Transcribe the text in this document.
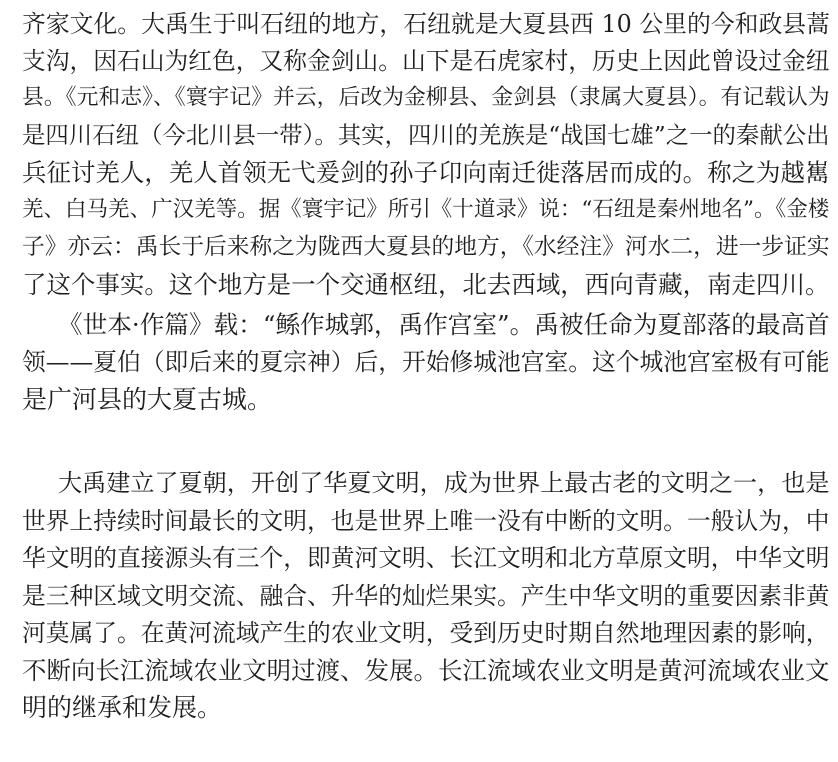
齐家文化。大禹生于叫石纽的地方，石纽就是大夏县西 10 公里的今和政县蒿
支沟，因石山为红色，又称金剑山。山下是石虎家村，历史上因此曾设过金纽
县。《元和志》、《寰宇记》并云，后改为金柳县、金剑县（隶属大夏县）。有记载认为
是四川石纽（今北川县一带）。其实，四川的羌族是“战国七雄”之一的秦献公出
兵征讨羌人，羌人首领无弋爰剑的孙子卬向南迁徙落居而成的。称之为越嶲
羌、白马羌、广汉羌等。据《寰宇记》所引《十道录》说：“石纽是秦州地名”。《金楼
子》亦云：禹长于后来称之为陇西大夏县的地方，《水经注》河水二，进一步证实
了这个事实。这个地方是一个交通枢纽，北去西域，西向青藏，南走四川。
《世本·作篇》载：“鲧作城郭，禹作宫室”。禹被任命为夏部落的最高首
领——夏伯（即后来的夏宗神）后，开始修城池宫室。这个城池宫室极有可能
是广河县的大夏古城。
大禹建立了夏朝，开创了华夏文明，成为世界上最古老的文明之一，也是
世界上持续时间最长的文明，也是世界上唯一没有中断的文明。一般认为，中
华文明的直接源头有三个，即黄河文明、长江文明和北方草原文明，中华文明
是三种区域文明交流、融合、升华的灿烂果实。产生中华文明的重要因素非黄
河莫属了。在黄河流域产生的农业文明，受到历史时期自然地理因素的影响，
不断向长江流域农业文明过渡、发展。长江流域农业文明是黄河流域农业文
明的继承和发展。
